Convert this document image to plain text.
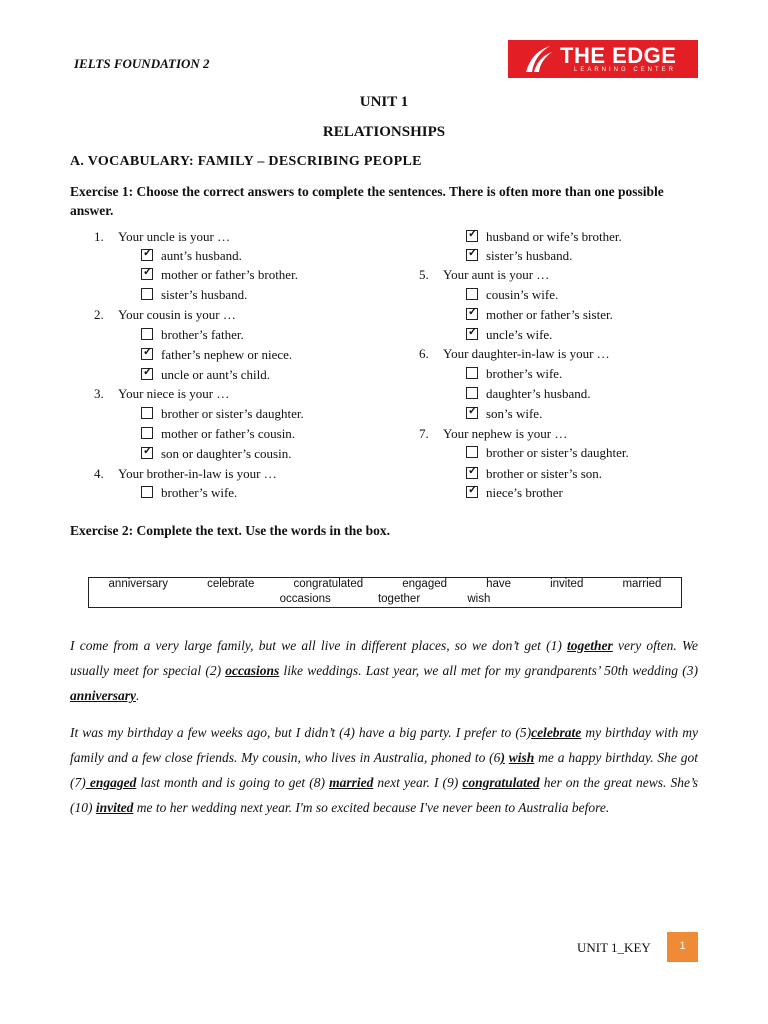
IELTS FOUNDATION 2	THE EDGE
LEARNING CENTER
UNIT 1
RELATIONSHIPS
A. VOCABULARY: FAMILY – DESCRIBING PEOPLE
Exercise 1: Choose the correct answers to complete the sentences. There is often more than one possible answer.
1. Your uncle is your …
✓aunt’s husband.
✓mother or father’s brother.
sister’s husband.
2. Your cousin is your …
brother’s father.
✓father’s nephew or niece.
✓uncle or aunt’s child.
3. Your niece is your …
brother or sister’s daughter.
mother or father’s cousin.
✓son or daughter’s cousin.
4. Your brother-in-law is your …
brother’s wife.
✓husband or wife’s brother.
✓sister’s husband.
5. Your aunt is your …
cousin’s wife.
✓mother or father’s sister.
✓uncle’s wife.
6. Your daughter-in-law is your …
brother’s wife.
daughter’s husband.
✓son’s wife.
7. Your nephew is your …
brother or sister’s daughter.
✓brother or sister’s son.
✓niece’s brother
Exercise 2: Complete the text. Use the words in the box.
anniversary	celebrate	congratulated	engaged	have	invited	married
occasions	together	wish
I come from a very large family, but we all live in different places, so we don’t get (1) together very often. We usually meet for special (2) occasions like weddings. Last year, we all met for my grandparents’ 50th wedding (3) anniversary.
It was my birthday a few weeks ago, but I didn’t (4) have a big party. I prefer to (5)celebrate my birthday with my family and a few close friends. My cousin, who lives in Australia, phoned to (6) wish me a happy birthday. She got (7) engaged last month and is going to get (8) married next year. I (9) congratulated her on the great news. She’s (10) invited me to her wedding next year. I'm so excited because I've never been to Australia before.
UNIT 1_KEY	1
